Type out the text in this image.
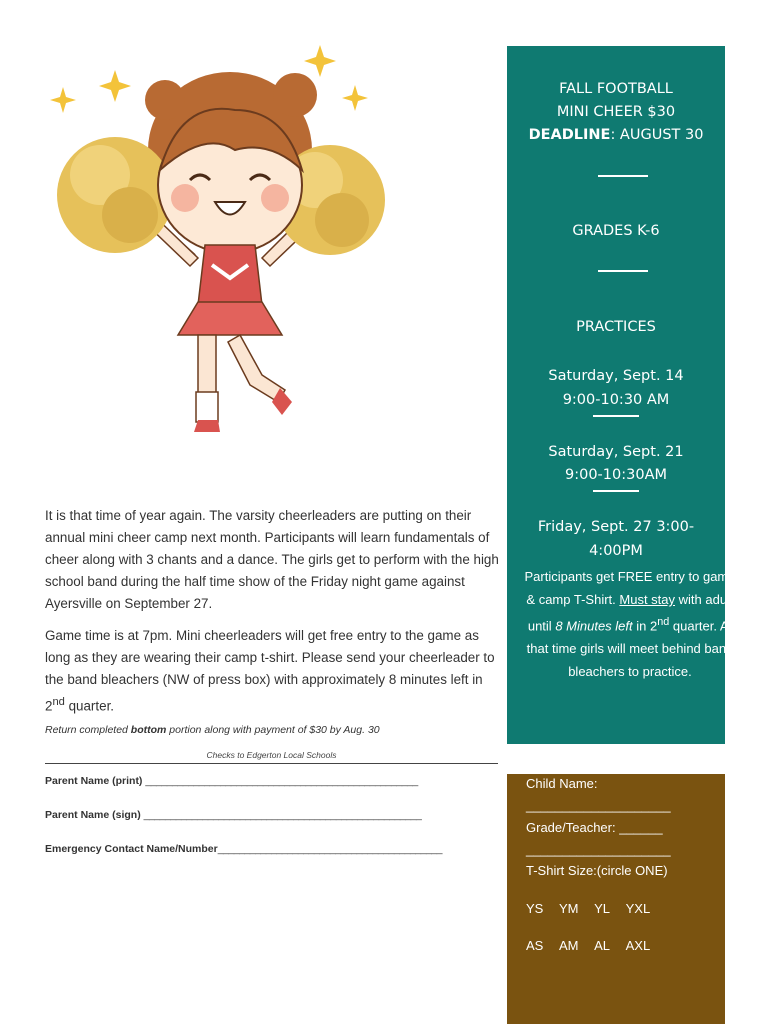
FALL FOOTBALL
MINI CHEER $30
DEADLINE: AUGUST 30
GRADES K-6
PRACTICES
Saturday, Sept. 14
9:00-10:30 AM
Saturday, Sept. 21
9:00-10:30AM
Friday, Sept. 27 3:00-
4:00PM
Participants get FREE entry to game & camp T-Shirt. Must stay with adult until 8 Minutes left in 2nd quarter. At that time girls will meet behind band bleachers to practice.

It is that time of year again. The varsity cheerleaders are putting on their annual mini cheer camp next month. Participants will learn fundamentals of cheer along with 3 chants and a dance. The girls get to perform with the high school band during the half time show of the Friday night game against Ayersville on September 27.

Game time is at 7pm. Mini cheerleaders will get free entry to the game as long as they are wearing their camp t-shirt. Please send your cheerleader to the band bleachers (NW of press box) with approximately 8 minutes left in 2nd quarter.

Return completed bottom portion along with payment of $30 by Aug. 30
Checks to Edgerton Local Schools
Parent Name (print) ___________________________________________________
Parent Name (sign) ____________________________________________________
Emergency Contact Name/Number__________________________________________
Child Name:
____________________
Grade/Teacher: ______
____________________
T-Shirt Size:(circle ONE)
YS YM YL YXL
AS AM AL AXL
